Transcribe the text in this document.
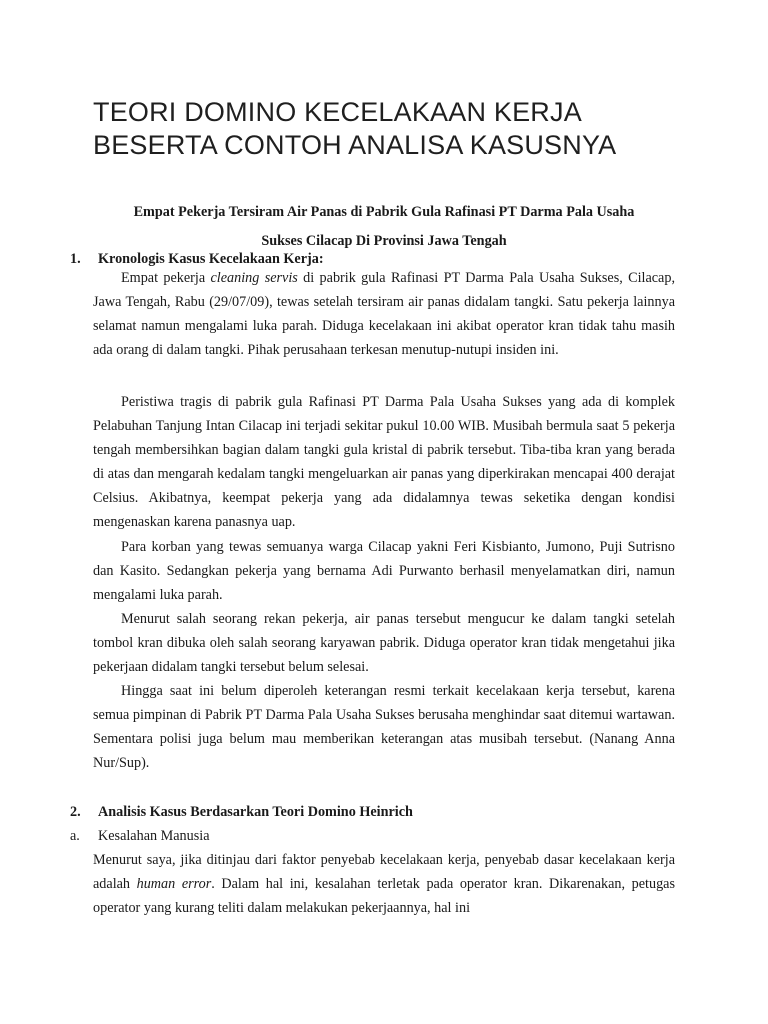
TEORI DOMINO KECELAKAAN KERJA
BESERTA CONTOH ANALISA KASUSNYA

Empat Pekerja Tersiram Air Panas di Pabrik Gula Rafinasi PT Darma Pala Usaha
Sukses Cilacap Di Provinsi Jawa Tengah

1. Kronologis Kasus Kecelakaan Kerja:

Empat pekerja cleaning servis di pabrik gula Rafinasi PT Darma Pala Usaha Sukses, Cilacap, Jawa Tengah, Rabu (29/07/09), tewas setelah tersiram air panas didalam tangki. Satu pekerja lainnya selamat namun mengalami luka parah. Diduga kecelakaan ini akibat operator kran tidak tahu masih ada orang di dalam tangki. Pihak perusahaan terkesan menutup-nutupi insiden ini.

Peristiwa tragis di pabrik gula Rafinasi PT Darma Pala Usaha Sukses yang ada di komplek Pelabuhan Tanjung Intan Cilacap ini terjadi sekitar pukul 10.00 WIB. Musibah bermula saat 5 pekerja tengah membersihkan bagian dalam tangki gula kristal di pabrik tersebut. Tiba-tiba kran yang berada di atas dan mengarah kedalam tangki mengeluarkan air panas yang diperkirakan mencapai 400 derajat Celsius. Akibatnya, keempat pekerja yang ada didalamnya tewas seketika dengan kondisi mengenaskan karena panasnya uap.

Para korban yang tewas semuanya warga Cilacap yakni Feri Kisbianto, Jumono, Puji Sutrisno dan Kasito. Sedangkan pekerja yang bernama Adi Purwanto berhasil menyelamatkan diri, namun mengalami luka parah.

Menurut salah seorang rekan pekerja, air panas tersebut mengucur ke dalam tangki setelah tombol kran dibuka oleh salah seorang karyawan pabrik. Diduga operator kran tidak mengetahui jika pekerjaan didalam tangki tersebut belum selesai.

Hingga saat ini belum diperoleh keterangan resmi terkait kecelakaan kerja tersebut, karena semua pimpinan di Pabrik PT Darma Pala Usaha Sukses berusaha menghindar saat ditemui wartawan. Sementara polisi juga belum mau memberikan keterangan atas musibah tersebut. (Nanang Anna Nur/Sup).

2. Analisis Kasus Berdasarkan Teori Domino Heinrich

a. Kesalahan Manusia

Menurut saya, jika ditinjau dari faktor penyebab kecelakaan kerja, penyebab dasar kecelakaan kerja adalah human error. Dalam hal ini, kesalahan terletak pada operator kran. Dikarenakan, petugas operator yang kurang teliti dalam melakukan pekerjaannya, hal ini
